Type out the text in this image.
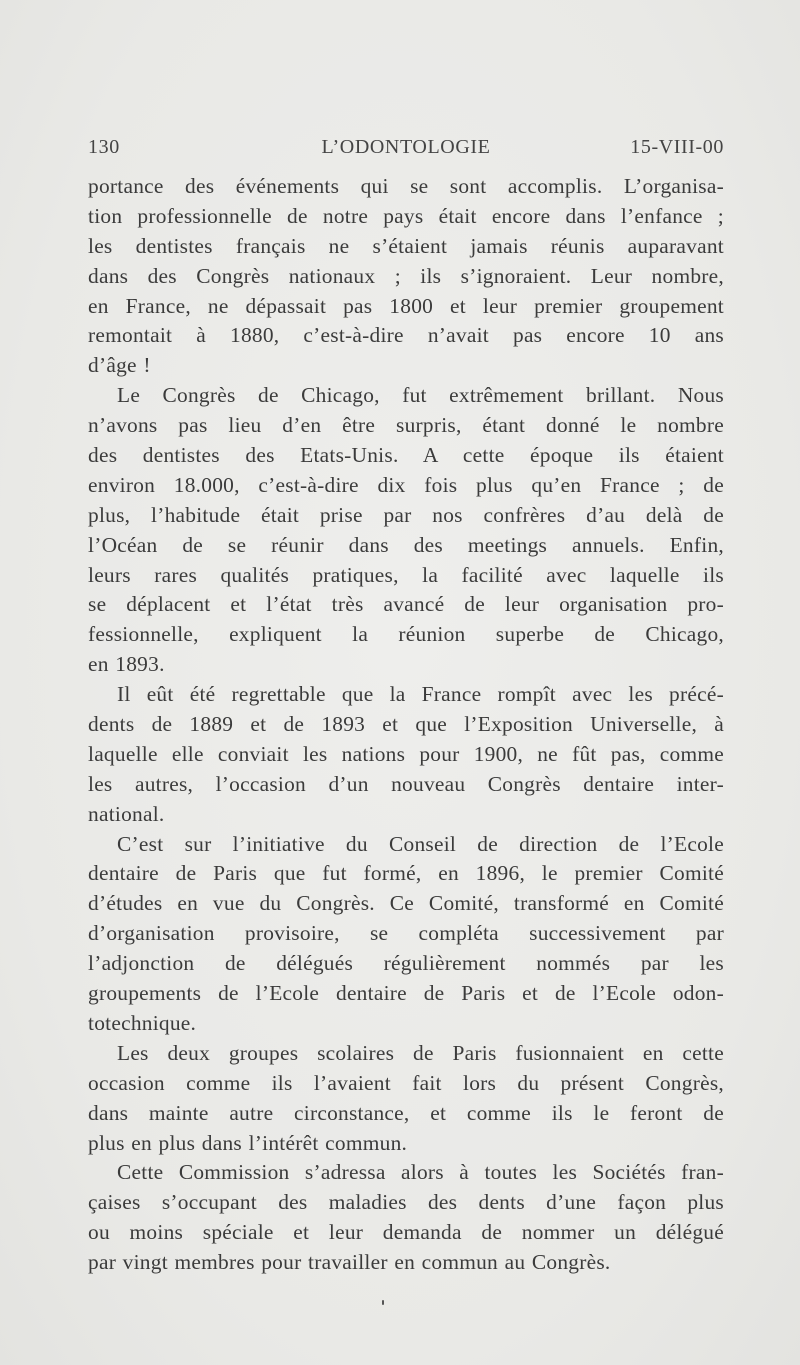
130	L’ODONTOLOGIE	15-VIII-00
portance des événements qui se sont accomplis. L’organisa-
tion professionnelle de notre pays était encore dans l’enfance ;
les dentistes français ne s’étaient jamais réunis auparavant
dans des Congrès nationaux ; ils s’ignoraient. Leur nombre,
en France, ne dépassait pas 1800 et leur premier groupement
remontait à 1880, c’est-à-dire n’avait pas encore 10 ans
d’âge !
Le Congrès de Chicago, fut extrêmement brillant. Nous
n’avons pas lieu d’en être surpris, étant donné le nombre
des dentistes des Etats-Unis. A cette époque ils étaient
environ 18.000, c’est-à-dire dix fois plus qu’en France ; de
plus, l’habitude était prise par nos confrères d’au delà de
l’Océan de se réunir dans des meetings annuels. Enfin,
leurs rares qualités pratiques, la facilité avec laquelle ils
se déplacent et l’état très avancé de leur organisation pro-
fessionnelle, expliquent la réunion superbe de Chicago,
en 1893.
Il eût été regrettable que la France rompît avec les précé-
dents de 1889 et de 1893 et que l’Exposition Universelle, à
laquelle elle conviait les nations pour 1900, ne fût pas, comme
les autres, l’occasion d’un nouveau Congrès dentaire inter-
national.
C’est sur l’initiative du Conseil de direction de l’Ecole
dentaire de Paris que fut formé, en 1896, le premier Comité
d’études en vue du Congrès. Ce Comité, transformé en Comité
d’organisation provisoire, se compléta successivement par
l’adjonction de délégués régulièrement nommés par les
groupements de l’Ecole dentaire de Paris et de l’Ecole odon-
totechnique.
Les deux groupes scolaires de Paris fusionnaient en cette
occasion comme ils l’avaient fait lors du présent Congrès,
dans mainte autre circonstance, et comme ils le feront de
plus en plus dans l’intérêt commun.
Cette Commission s’adressa alors à toutes les Sociétés fran-
çaises s’occupant des maladies des dents d’une façon plus
ou moins spéciale et leur demanda de nommer un délégué
par vingt membres pour travailler en commun au Congrès.
